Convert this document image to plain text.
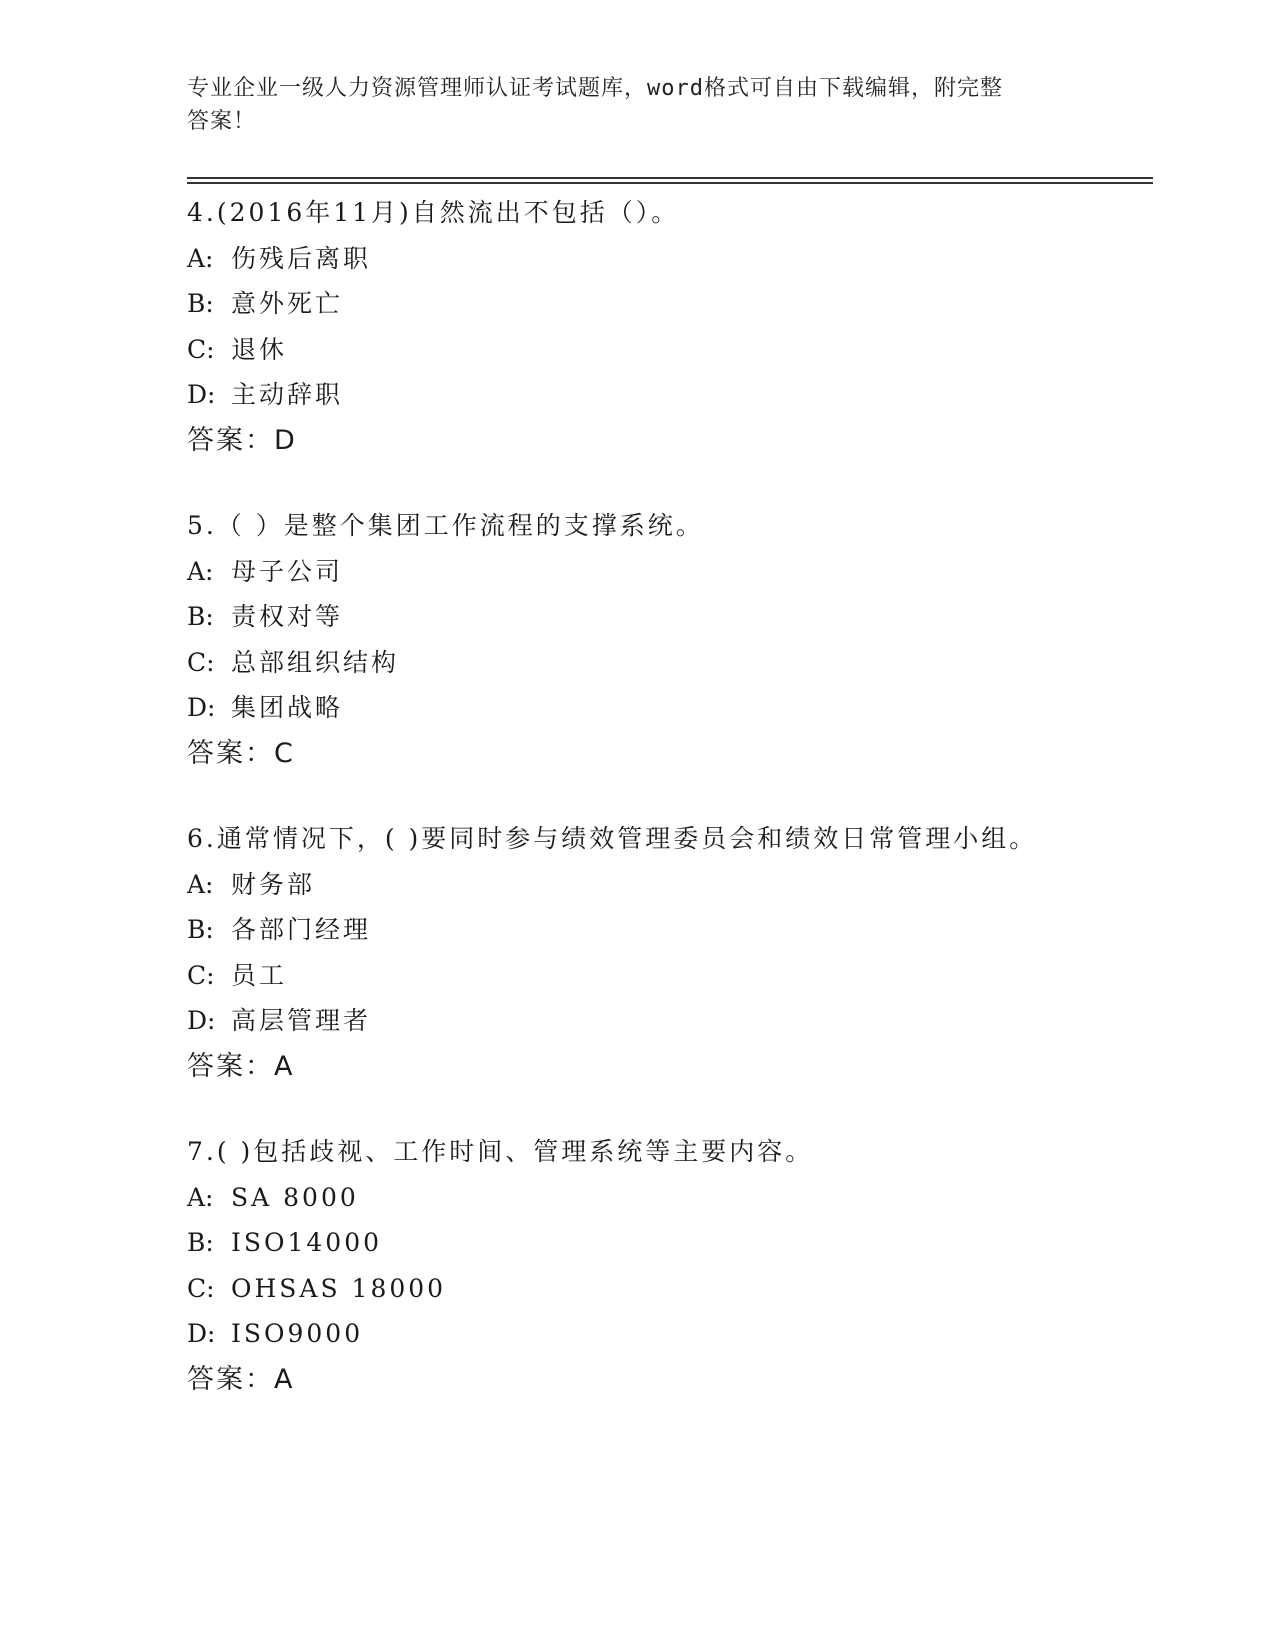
专业企业一级人力资源管理师认证考试题库，word格式可自由下载编辑，附完整
答案！
4.(2016年11月)自然流出不包括（）。
A: 伤残后离职
B: 意外死亡
C: 退休
D: 主动辞职
答案：D
5.（ ）是整个集团工作流程的支撑系统。
A: 母子公司
B: 责权对等
C: 总部组织结构
D: 集团战略
答案：C
6.通常情况下，( )要同时参与绩效管理委员会和绩效日常管理小组。
A: 财务部
B: 各部门经理
C: 员工
D: 高层管理者
答案：A
7.( )包括歧视、工作时间、管理系统等主要内容。
A: SA 8000
B: ISO14000
C: OHSAS 18000
D: ISO9000
答案：A
